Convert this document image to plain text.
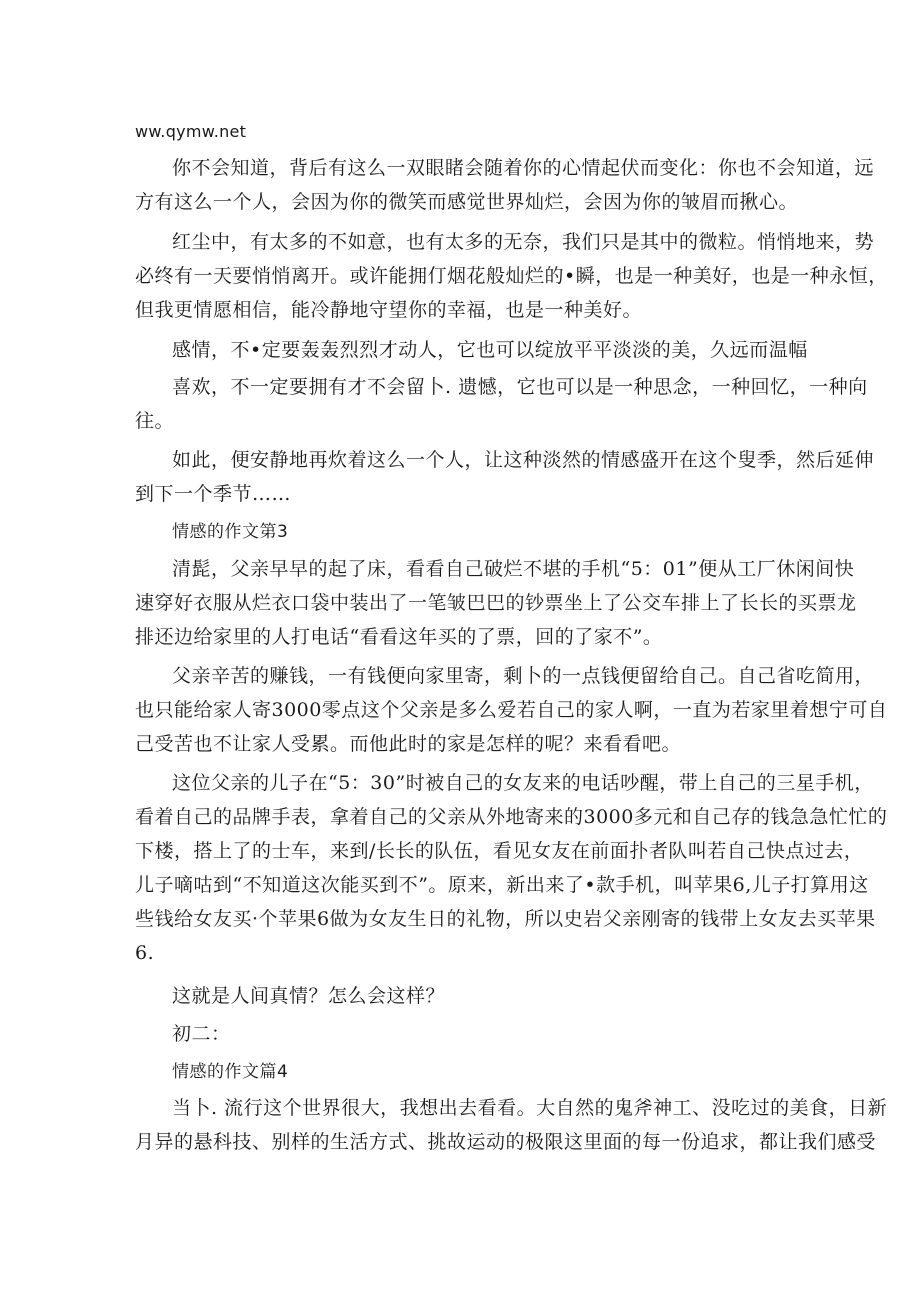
ww.qymw.net
你不会知道，背后有这么一双眼睹会随着你的心情起伏而变化：你也不会知道，远
方有这么一个人，会因为你的微笑而感觉世界灿烂，会因为你的皱眉而揪心。
红尘中，有太多的不如意，也有太多的无奈，我们只是其中的微粒。悄悄地来，势
必终有一天要悄悄离开。或许能拥仃烟花般灿烂的•瞬，也是一种美好，也是一种永恒，
但我更情愿相信，能冷静地守望你的幸福，也是一种美好。
感情，不•定要轰轰烈烈才动人，它也可以绽放平平淡淡的美，久远而温幅
喜欢，不一定要拥有才不会留卜. 遗憾，它也可以是一种思念，一种回忆，一种向
往。
如此，便安静地再炊着这么一个人，让这种淡然的情感盛开在这个叟季，然后延伸
到下一个季节……
情感的作文第3
清髭，父亲早早的起了床，看看自己破烂不堪的手机“5：01”便从工厂休闲间快
速穿好衣服从烂衣口袋中装出了一笔皱巴巴的钞票坐上了公交车排上了长长的买票龙
排还边给家里的人打电话“看看这年买的了票，回的了家不”。
父亲辛苦的赚钱，一有钱便向家里寄，剩卜的一点钱便留给自己。自己省吃简用，
也只能给家人寄3000零点这个父亲是多么爱若自己的家人啊，一直为若家里着想宁可自
己受苦也不让家人受累。而他此时的家是怎样的呢？来看看吧。
这位父亲的儿子在“5：30”时被自己的女友来的电话吵醒，带上自己的三星手机，
看着自己的品牌手表，拿着自己的父亲从外地寄来的3000多元和自己存的钱急急忙忙的
下楼，搭上了的士车，来到/长长的队伍，看见女友在前面扑者队叫若自己快点过去，
儿子嘀咕到“不知道这次能买到不”。原来，新出来了•款手机，叫苹果6,儿子打算用这
些钱给女友买·个苹果6做为女友生日的礼物，所以史岩父亲刚寄的钱带上女友去买苹果
6.
这就是人间真情？怎么会这样？
初二：
情感的作文篇4
当卜. 流行这个世界很大，我想出去看看。大自然的鬼斧神工、没吃过的美食，日新
月异的悬科技、别样的生活方式、挑故运动的极限这里面的每一份追求，都让我们感受
